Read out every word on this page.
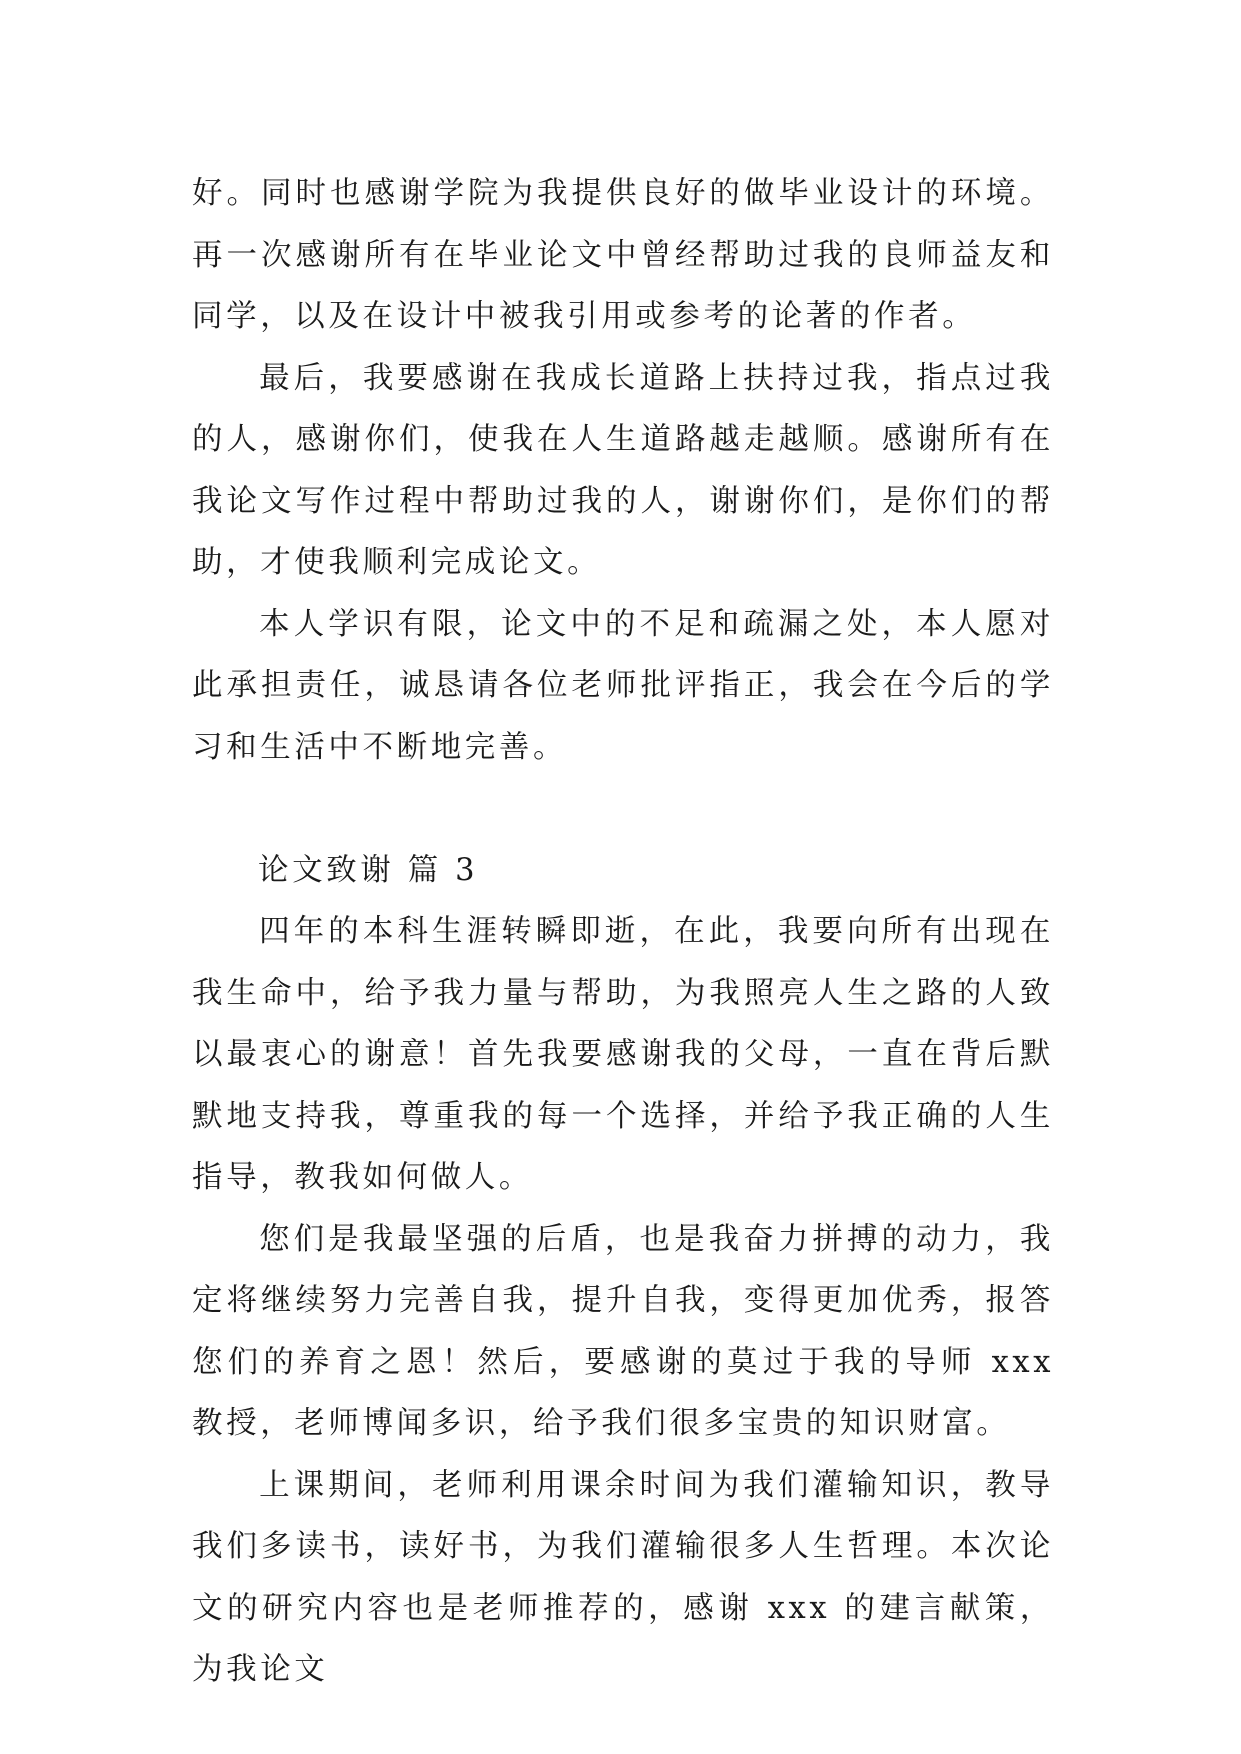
好。同时也感谢学院为我提供良好的做毕业设计的环境。再一次感谢所有在毕业论文中曾经帮助过我的良师益友和同学，以及在设计中被我引用或参考的论著的作者。

最后，我要感谢在我成长道路上扶持过我，指点过我的人，感谢你们，使我在人生道路越走越顺。感谢所有在我论文写作过程中帮助过我的人，谢谢你们，是你们的帮助，才使我顺利完成论文。

本人学识有限，论文中的不足和疏漏之处，本人愿对此承担责任，诚恳请各位老师批评指正，我会在今后的学习和生活中不断地完善。

论文致谢 篇 3

四年的本科生涯转瞬即逝，在此，我要向所有出现在我生命中，给予我力量与帮助，为我照亮人生之路的人致以最衷心的谢意！首先我要感谢我的父母，一直在背后默默地支持我，尊重我的每一个选择，并给予我正确的人生指导，教我如何做人。

您们是我最坚强的后盾，也是我奋力拼搏的动力，我定将继续努力完善自我，提升自我，变得更加优秀，报答您们的养育之恩！然后，要感谢的莫过于我的导师 xxx 教授，老师博闻多识，给予我们很多宝贵的知识财富。

上课期间，老师利用课余时间为我们灌输知识，教导我们多读书，读好书，为我们灌输很多人生哲理。本次论文的研究内容也是老师推荐的，感谢 xxx 的建言献策，为我论文
